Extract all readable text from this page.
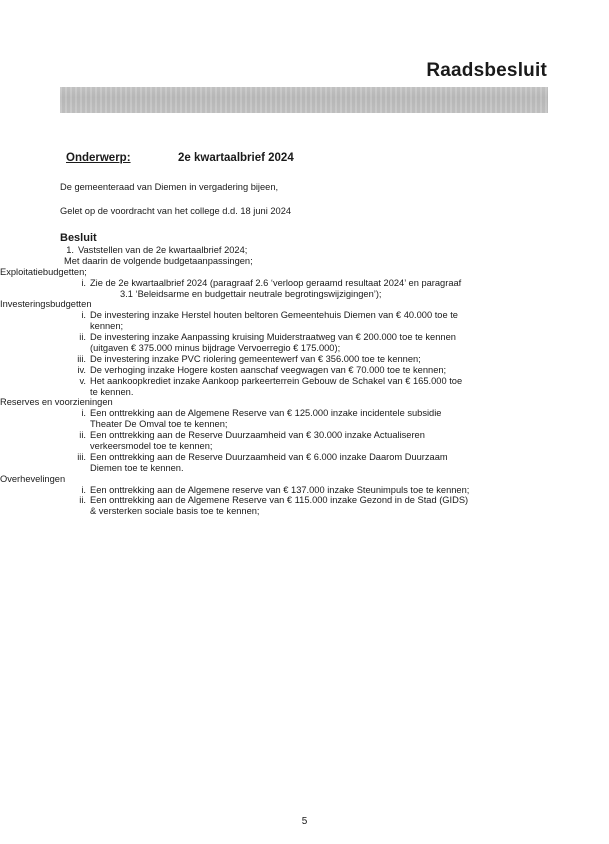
Raadsbesluit
Onderwerp:	2e kwartaalbrief 2024
De gemeenteraad van Diemen in vergadering bijeen,
Gelet op de voordracht van het college d.d. 18 juni 2024
Besluit
1. Vaststellen van de 2e kwartaalbrief 2024;
Met daarin de volgende budgetaanpassingen;
Exploitatiebudgetten;
i. Zie de 2e kwartaalbrief 2024 (paragraaf 2.6 ‘verloop geraamd resultaat 2024’ en paragraaf
3.1 ‘Beleidsarme en budgettair neutrale begrotingswijzigingen’);
Investeringsbudgetten
i. De investering inzake Herstel houten beltoren Gemeentehuis Diemen van € 40.000 toe te
kennen;
ii. De investering inzake Aanpassing kruising Muiderstraatweg van € 200.000 toe te kennen
(uitgaven € 375.000 minus bijdrage Vervoerregio € 175.000);
iii. De investering inzake PVC riolering gemeentewerf van € 356.000 toe te kennen;
iv. De verhoging inzake Hogere kosten aanschaf veegwagen van € 70.000 toe te kennen;
v. Het aankoopkrediet inzake Aankoop parkeerterrein Gebouw de Schakel van € 165.000 toe
te kennen.
Reserves en voorzieningen
i. Een onttrekking aan de Algemene Reserve van € 125.000 inzake incidentele subsidie
Theater De Omval toe te kennen;
ii. Een onttrekking aan de Reserve Duurzaamheid van € 30.000 inzake Actualiseren
verkeersmodel toe te kennen;
iii. Een onttrekking aan de Reserve Duurzaamheid van € 6.000 inzake Daarom Duurzaam
Diemen toe te kennen.
Overhevelingen
i. Een onttrekking aan de Algemene reserve van € 137.000 inzake Steunimpuls toe te kennen;
ii. Een onttrekking aan de Algemene Reserve van € 115.000 inzake Gezond in de Stad (GIDS)
& versterken sociale basis toe te kennen;
5
